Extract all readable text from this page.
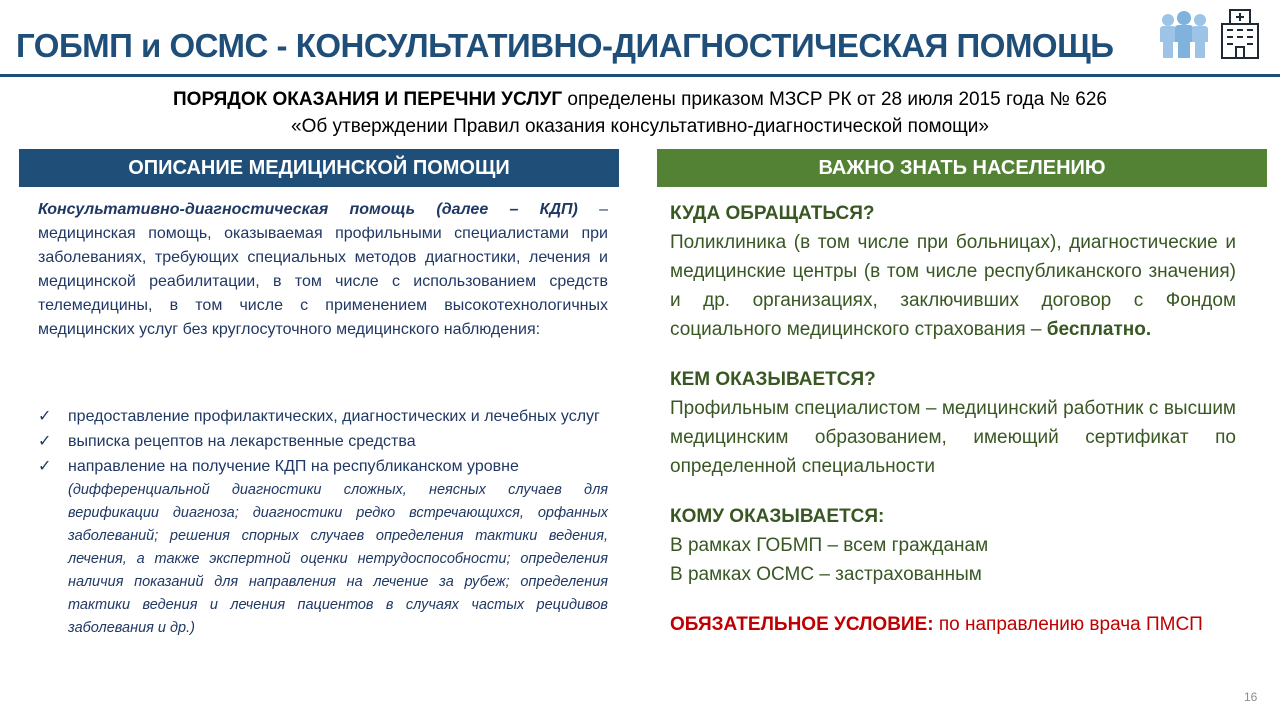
ГОБМП и ОСМС - КОНСУЛЬТАТИВНО-ДИАГНОСТИЧЕСКАЯ ПОМОЩЬ
ПОРЯДОК ОКАЗАНИЯ И ПЕРЕЧНИ УСЛУГ определены приказом МЗСР РК от 28 июля 2015 года № 626
«Об утверждении Правил оказания консультативно-диагностической помощи»
ОПИСАНИЕ МЕДИЦИНСКОЙ ПОМОЩИ	ВАЖНО ЗНАТЬ НАСЕЛЕНИЮ
Консультативно-диагностическая помощь (далее – КДП) – медицинская помощь, оказываемая профильными специалистами при заболеваниях, требующих специальных методов диагностики, лечения и медицинской реабилитации, в том числе с использованием средств телемедицины, в том числе с применением высокотехнологичных медицинских услуг без круглосуточного медицинского наблюдения:
✓ предоставление профилактических, диагностических и лечебных услуг
✓ выписка рецептов на лекарственные средства
✓ направление на получение КДП на республиканском уровне
(дифференциальной диагностики сложных, неясных случаев для верификации диагноза; диагностики редко встречающихся, орфанных заболеваний; решения спорных случаев определения тактики ведения, лечения, а также экспертной оценки нетрудоспособности; определения наличия показаний для направления на лечение за рубеж; определения тактики ведения и лечения пациентов в случаях частых рецидивов заболевания и др.)
КУДА ОБРАЩАТЬСЯ?
Поликлиника (в том числе при больницах), диагностические и медицинские центры (в том числе республиканского значения) и др. организациях, заключивших договор с Фондом социального медицинского страхования – бесплатно.
КЕМ ОКАЗЫВАЕТСЯ?
Профильным специалистом – медицинский работник с высшим медицинским образованием, имеющий сертификат по определенной специальности
КОМУ ОКАЗЫВАЕТСЯ:
В рамках ГОБМП – всем гражданам
В рамках ОСМС – застрахованным
ОБЯЗАТЕЛЬНОЕ УСЛОВИЕ: по направлению врача ПМСП
16
